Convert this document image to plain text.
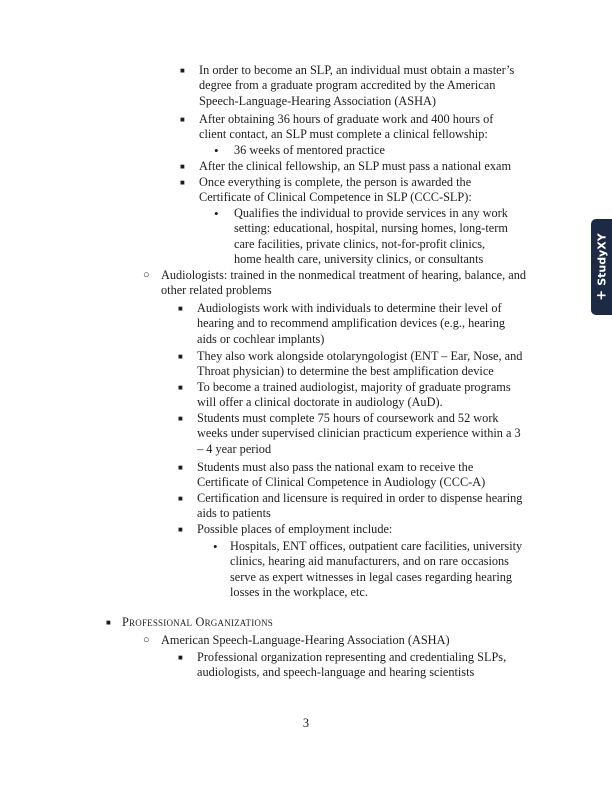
■ In order to become an SLP, an individual must obtain a master’s degree from a graduate program accredited by the American Speech-Language-Hearing Association (ASHA)
■ After obtaining 36 hours of graduate work and 400 hours of client contact, an SLP must complete a clinical fellowship:
• 36 weeks of mentored practice
■ After the clinical fellowship, an SLP must pass a national exam
■ Once everything is complete, the person is awarded the Certificate of Clinical Competence in SLP (CCC-SLP):
• Qualifies the individual to provide services in any work setting: educational, hospital, nursing homes, long-term care facilities, private clinics, not-for-profit clinics, home health care, university clinics, or consultants
○ Audiologists: trained in the nonmedical treatment of hearing, balance, and other related problems
■ Audiologists work with individuals to determine their level of hearing and to recommend amplification devices (e.g., hearing aids or cochlear implants)
■ They also work alongside otolaryngologist (ENT – Ear, Nose, and Throat physician) to determine the best amplification device
■ To become a trained audiologist, majority of graduate programs will offer a clinical doctorate in audiology (AuD).
■ Students must complete 75 hours of coursework and 52 work weeks under supervised clinician practicum experience within a 3 – 4 year period
■ Students must also pass the national exam to receive the Certificate of Clinical Competence in Audiology (CCC-A)
■ Certification and licensure is required in order to dispense hearing aids to patients
■ Possible places of employment include:
• Hospitals, ENT offices, outpatient care facilities, university clinics, hearing aid manufacturers, and on rare occasions serve as expert witnesses in legal cases regarding hearing losses in the workplace, etc.
■ Professional Organizations
○ American Speech-Language-Hearing Association (ASHA)
■ Professional organization representing and credentialing SLPs, audiologists, and speech-language and hearing scientists
3
+StudyXY
